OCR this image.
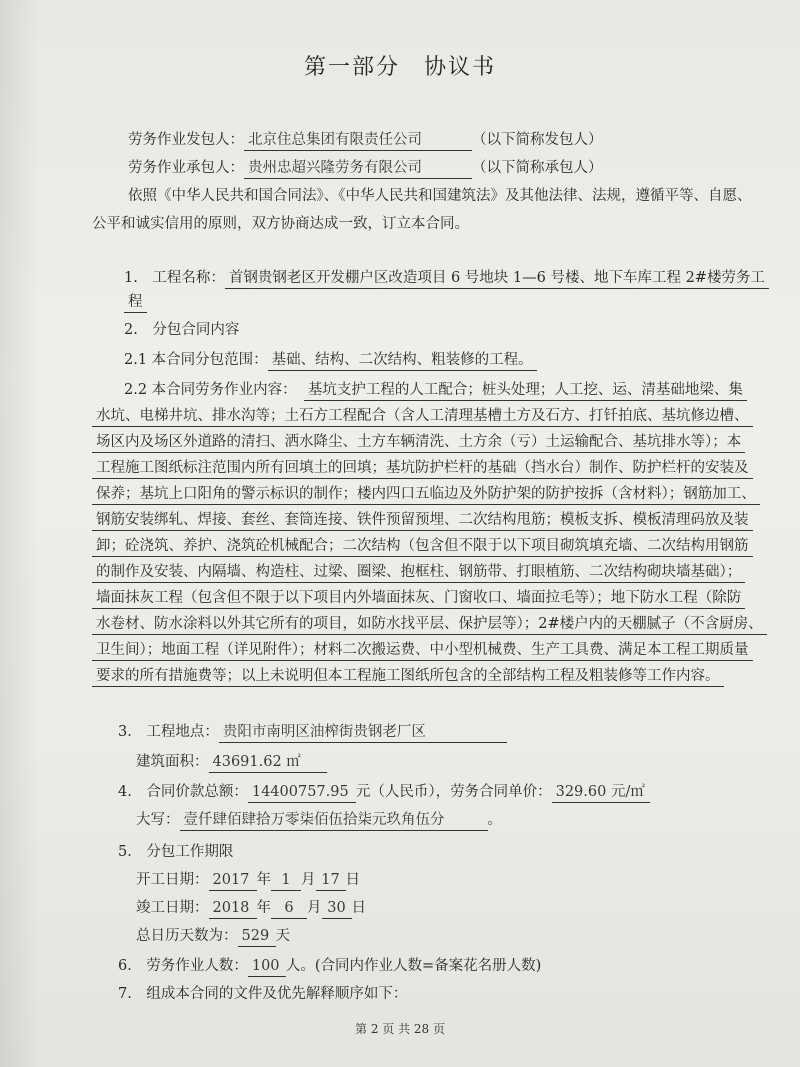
第一部分　协议书
劳务作业发包人： 北京住总集团有限责任公司	（以下简称发包人）
劳务作业承包人： 贵州忠超兴隆劳务有限公司	（以下简称承包人）
依照《中华人民共和国合同法》、《中华人民共和国建筑法》及其他法律、法规，遵循平等、自愿、
公平和诚实信用的原则，双方协商达成一致，订立本合同。
1.　工程名称： 首钢贵钢老区开发棚户区改造项目 6 号地块 1—6 号楼、地下车库工程 2#楼劳务工
程
2.　分包合同内容
2.1 本合同分包范围： 基础、结构、二次结构、粗装修的工程。
2.2 本合同劳务作业内容：　 基坑支护工程的人工配合；桩头处理；人工挖、运、清基础地梁、集
水坑、电梯井坑、排水沟等；土石方工程配合（含人工清理基槽土方及石方、打钎拍底、基坑修边槽、
场区内及场区外道路的清扫、洒水降尘、土方车辆清洗、土方余（亏）土运输配合、基坑排水等）；本
工程施工图纸标注范围内所有回填土的回填；基坑防护栏杆的基础（挡水台）制作、防护栏杆的安装及
保养；基坑上口阳角的警示标识的制作；楼内四口五临边及外防护架的防护按拆（含材料）；钢筋加工、
钢筋安装绑轧、焊接、套丝、套筒连接、铁件预留预埋、二次结构甩筋；模板支拆、模板清理码放及装
卸；砼浇筑、养护、浇筑砼机械配合；二次结构（包含但不限于以下项目砌筑填充墙、二次结构用钢筋
的制作及安装、内隔墙、构造柱、过梁、圈梁、抱框柱、钢筋带、打眼植筋、二次结构砌块墙基础）；
墙面抹灰工程（包含但不限于以下项目内外墙面抹灰、门窗收口、墙面拉毛等）；地下防水工程（除防
水卷材、防水涂料以外其它所有的项目，如防水找平层、保护层等）；2#楼户内的天棚腻子（不含厨房、
卫生间）；地面工程（详见附件）；材料二次搬运费、中小型机械费、生产工具费、满足本工程工期质量
要求的所有措施费等；以上未说明但本工程施工图纸所包含的全部结构工程及粗装修等工作内容。
3.　工程地点： 贵阳市南明区油榨街贵钢老厂区
建筑面积： 43691.62 ㎡
4.　合同价款总额： 14400757.95 元（人民币），劳务合同单价： 329.60 元/㎡
大写： 壹仟肆佰肆拾万零柒佰伍拾柒元玖角伍分	。
5.　分包工作期限
开工日期： 2017 年 1 月 17 日
竣工日期： 2018 年 6 月 30 日
总日历天数为： 529 天
6.　劳务作业人数： 100 人。(合同内作业人数=备案花名册人数)
7.　组成本合同的文件及优先解释顺序如下：
第 2 页 共 28 页
